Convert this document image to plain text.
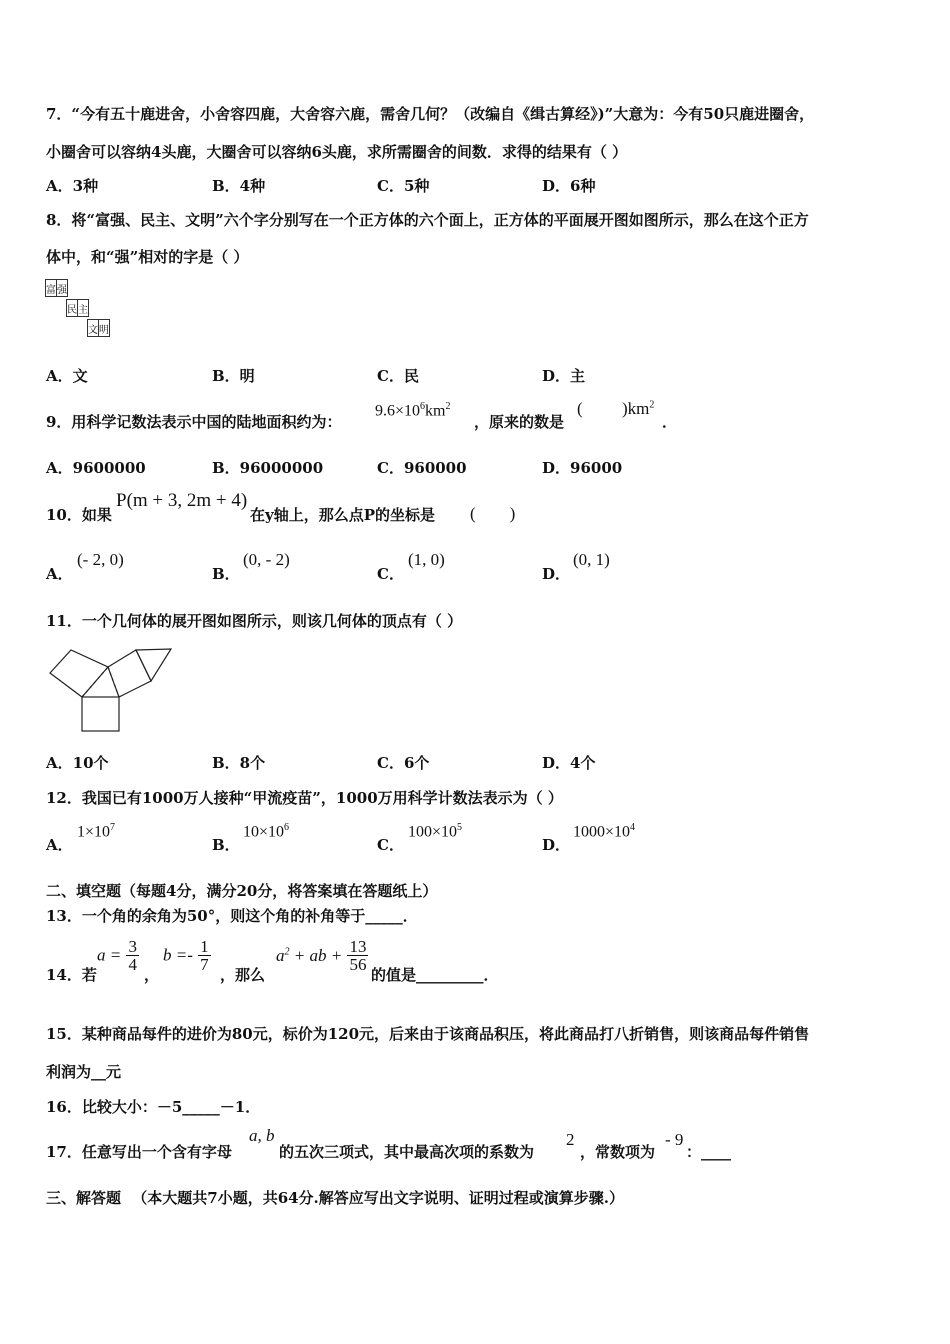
7．“今有五十鹿进舍，小舍容四鹿，大舍容六鹿，需舍几何？（改编自《缉古算经》)”大意为：今有50只鹿进圈舍，
小圈舍可以容纳4头鹿，大圈舍可以容纳6头鹿，求所需圈舍的间数．求得的结果有（ ）
A．3种	B．4种	C．5种	D．6种
8．将“富强、民主、文明”六个字分别写在一个正方体的六个面上，正方体的平面展开图如图所示，那么在这个正方
体中，和“强”相对的字是（ ）
富	强
民	主
文	明
A．文	B．明	C．民	D．主
9．用科学记数法表示中国的陆地面积约为：
$9.6\times 10^6km^2$
，原来的数是
( )$km^2$
．
A．9600000	B．96000000	C．960000	D．96000
10．如果
P(m + 3, 2m + 4)
在y轴上，那么点P的坐标是 (　　)
A．
(- 2, 0)
B．
(0, - 2)
C．
(1, 0)
D．
(0, 1)
11．一个几何体的展开图如图所示，则该几何体的顶点有（ ）
A．10个	B．8个	C．6个	D．4个
12．我国已有1000万人接种“甲流疫苗”，1000万用科学计数法表示为（ ）
A．
$1\times 10^7$
B．
$10\times 10^6$
C．
$100\times 10^5$
D．
$1000\times 10^4$
二、填空题（每题4分，满分20分，将答案填在答题纸上）
13．一个角的余角为50°，则这个角的补角等于_____．
14．若
$a = \frac{3}{4}$
，
$b =- \frac{1}{7}$
，那么
$a^2$ + ab + $\frac{13}{56}$
的值是_________．
15．某种商品每件的进价为80元，标价为120元，后来由于该商品积压，将此商品打八折销售，则该商品每件销售
利润为__元
16．比较大小：－5_____－1．
17．任意写出一个含有字母
a, b
的五次三项式，其中最高次项的系数为
2
，常数项为
- 9
：____
三、解答题 （本大题共7小题，共64分.解答应写出文字说明、证明过程或演算步骤.）
